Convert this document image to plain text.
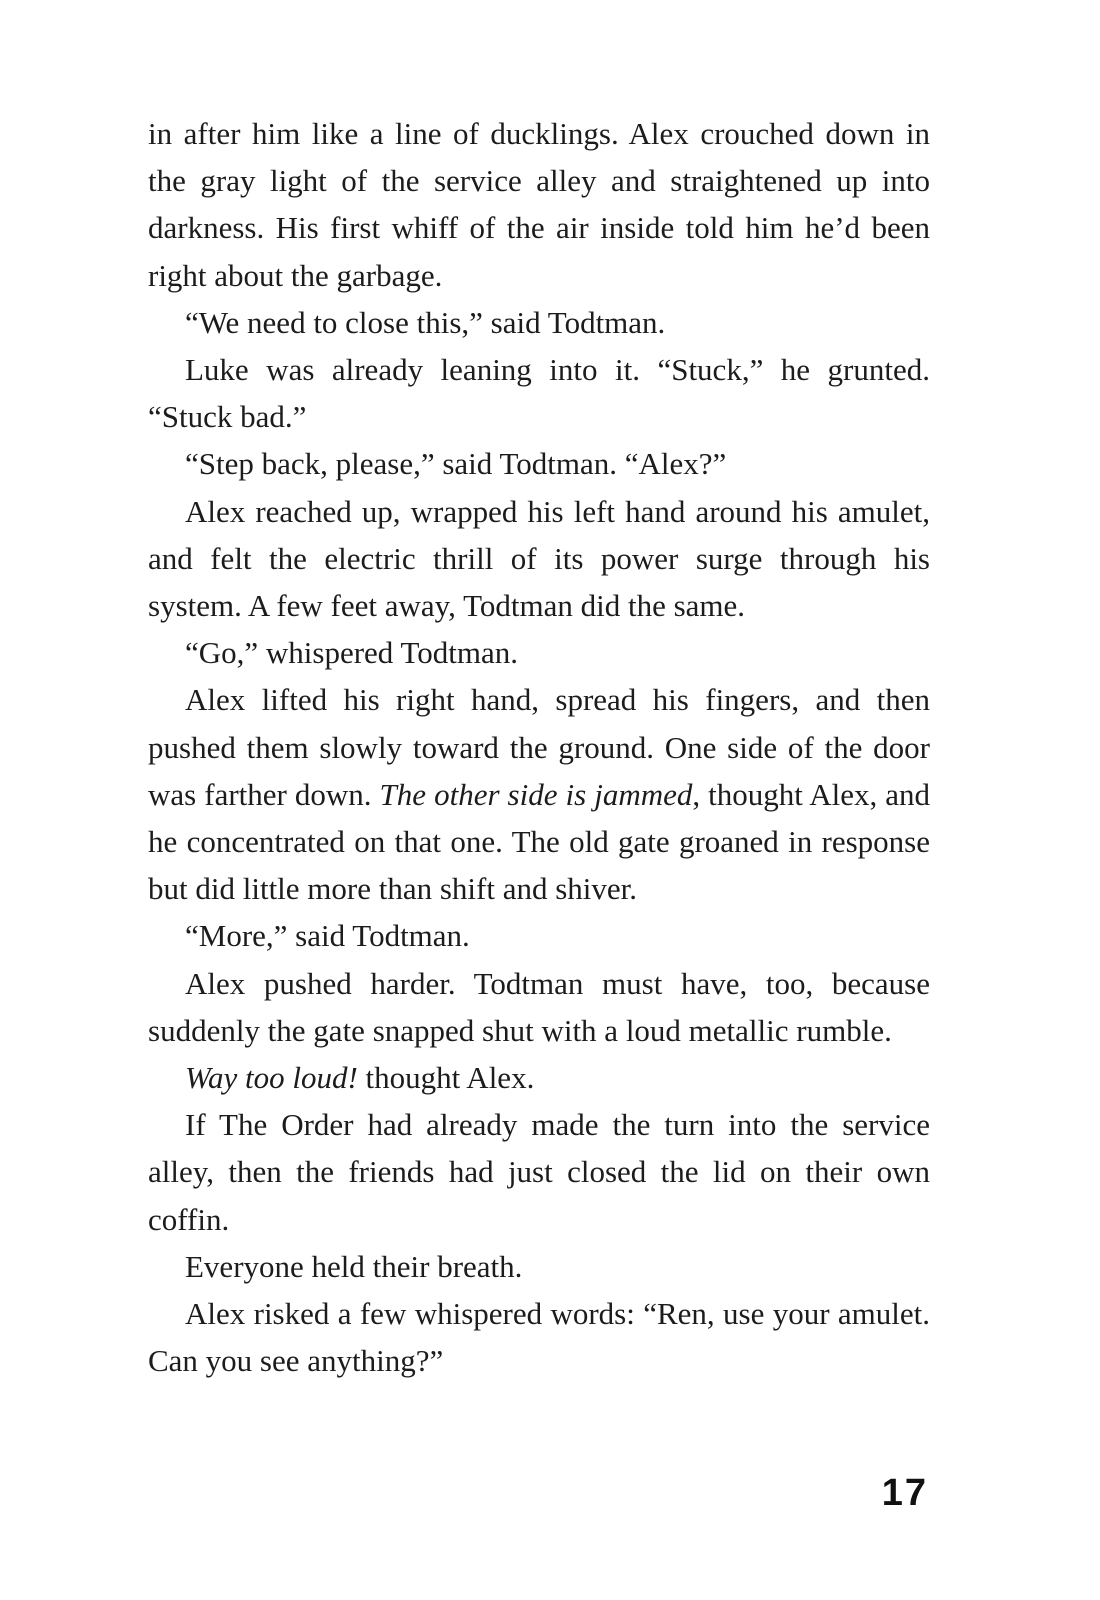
in after him like a line of ducklings. Alex crouched down in the gray light of the service alley and straightened up into darkness. His first whiff of the air inside told him he’d been right about the garbage.

“We need to close this,” said Todtman.

Luke was already leaning into it. “Stuck,” he grunted. “Stuck bad.”

“Step back, please,” said Todtman. “Alex?”

Alex reached up, wrapped his left hand around his amulet, and felt the electric thrill of its power surge through his system. A few feet away, Todtman did the same.

“Go,” whispered Todtman.

Alex lifted his right hand, spread his fingers, and then pushed them slowly toward the ground. One side of the door was farther down. The other side is jammed, thought Alex, and he concentrated on that one. The old gate groaned in response but did little more than shift and shiver.

“More,” said Todtman.

Alex pushed harder. Todtman must have, too, because suddenly the gate snapped shut with a loud metallic rumble.

Way too loud! thought Alex.

If The Order had already made the turn into the service alley, then the friends had just closed the lid on their own coffin.

Everyone held their breath.

Alex risked a few whispered words: “Ren, use your amulet. Can you see anything?”

17
